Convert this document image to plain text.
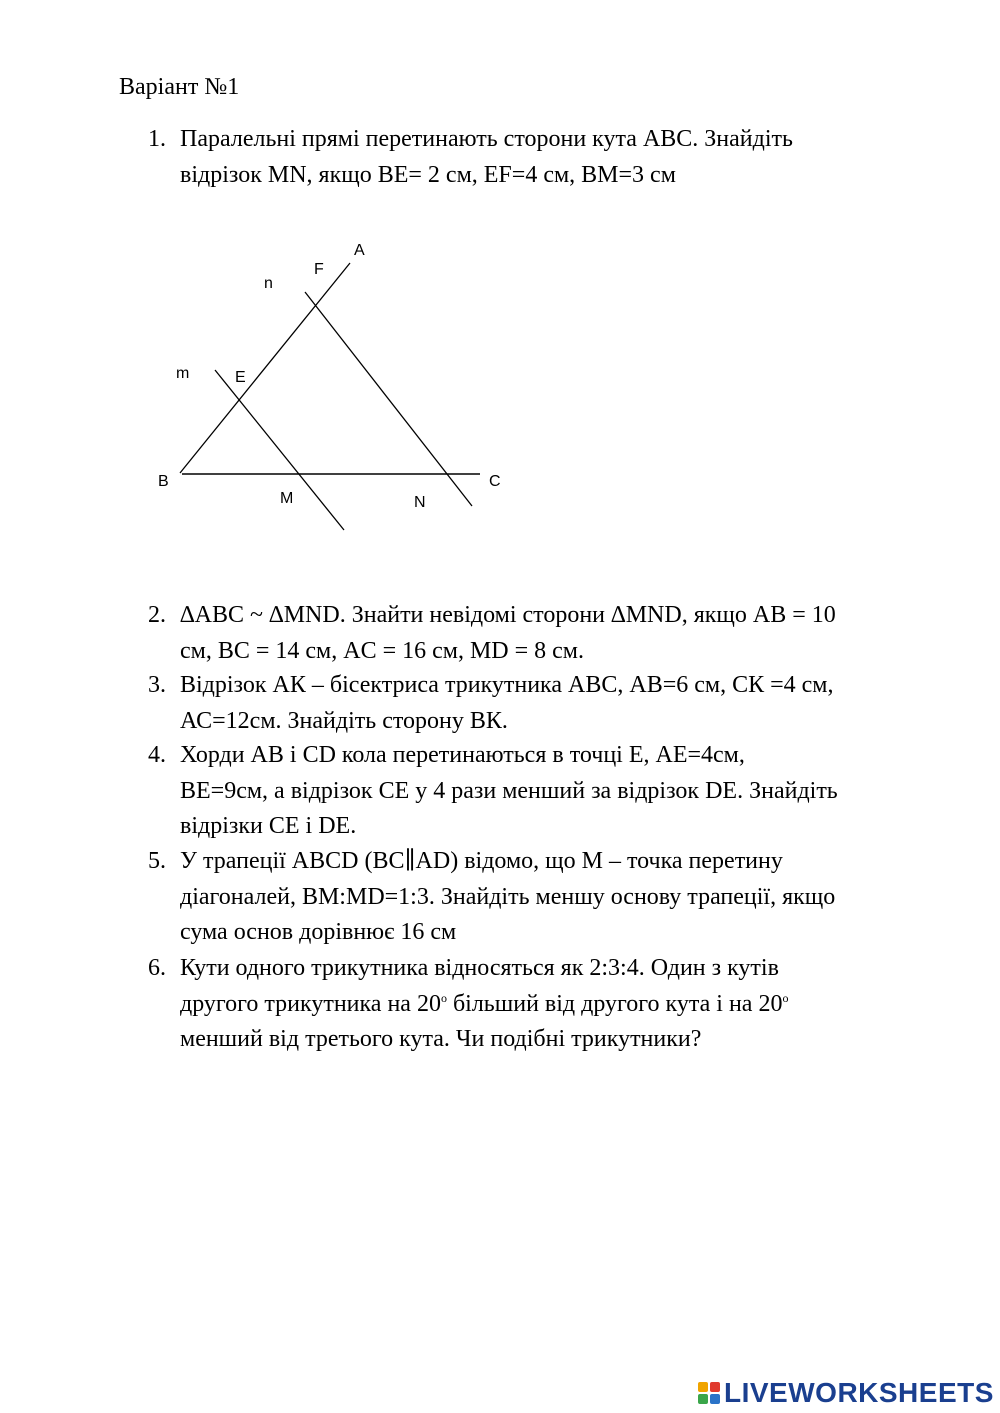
Варіант №1
1. Паралельні прямі перетинають сторони кута АВС. Знайдіть
відрізок MN, якщо BE= 2 см, EF=4 см, BM=3 см
A
F
n
m	E
B
M	N
C
2. ∆ABC ~ ∆MND. Знайти невідомі сторони ∆MND, якщо AB = 10
см, BC = 14 см, AC = 16 см, MD = 8 см.
3. Відрізок АК – бісектриса трикутника АВС, АВ=6 см, СК =4 см,
АС=12см. Знайдіть сторону ВК.
4. Хорди АВ і CD кола перетинаються в точці Е, АЕ=4см,
ВЕ=9см, а відрізок СЕ у 4 рази менший за відрізок DE. Знайдіть
відрізки СЕ і DE.
5. У трапеції АВСD (ВС∥АD) відомо, що М – точка перетину
діагоналей, ВМ:МD=1:3. Знайдіть меншу основу трапеції, якщо
сума основ дорівнює 16 см
6. Кути одного трикутника відносяться як 2:3:4. Один з кутів
другого трикутника на $20^о$ більший від другого кута і на $20^о$
менший від третього кута. Чи подібні трикутники?
LIVEWORKSHEETS
